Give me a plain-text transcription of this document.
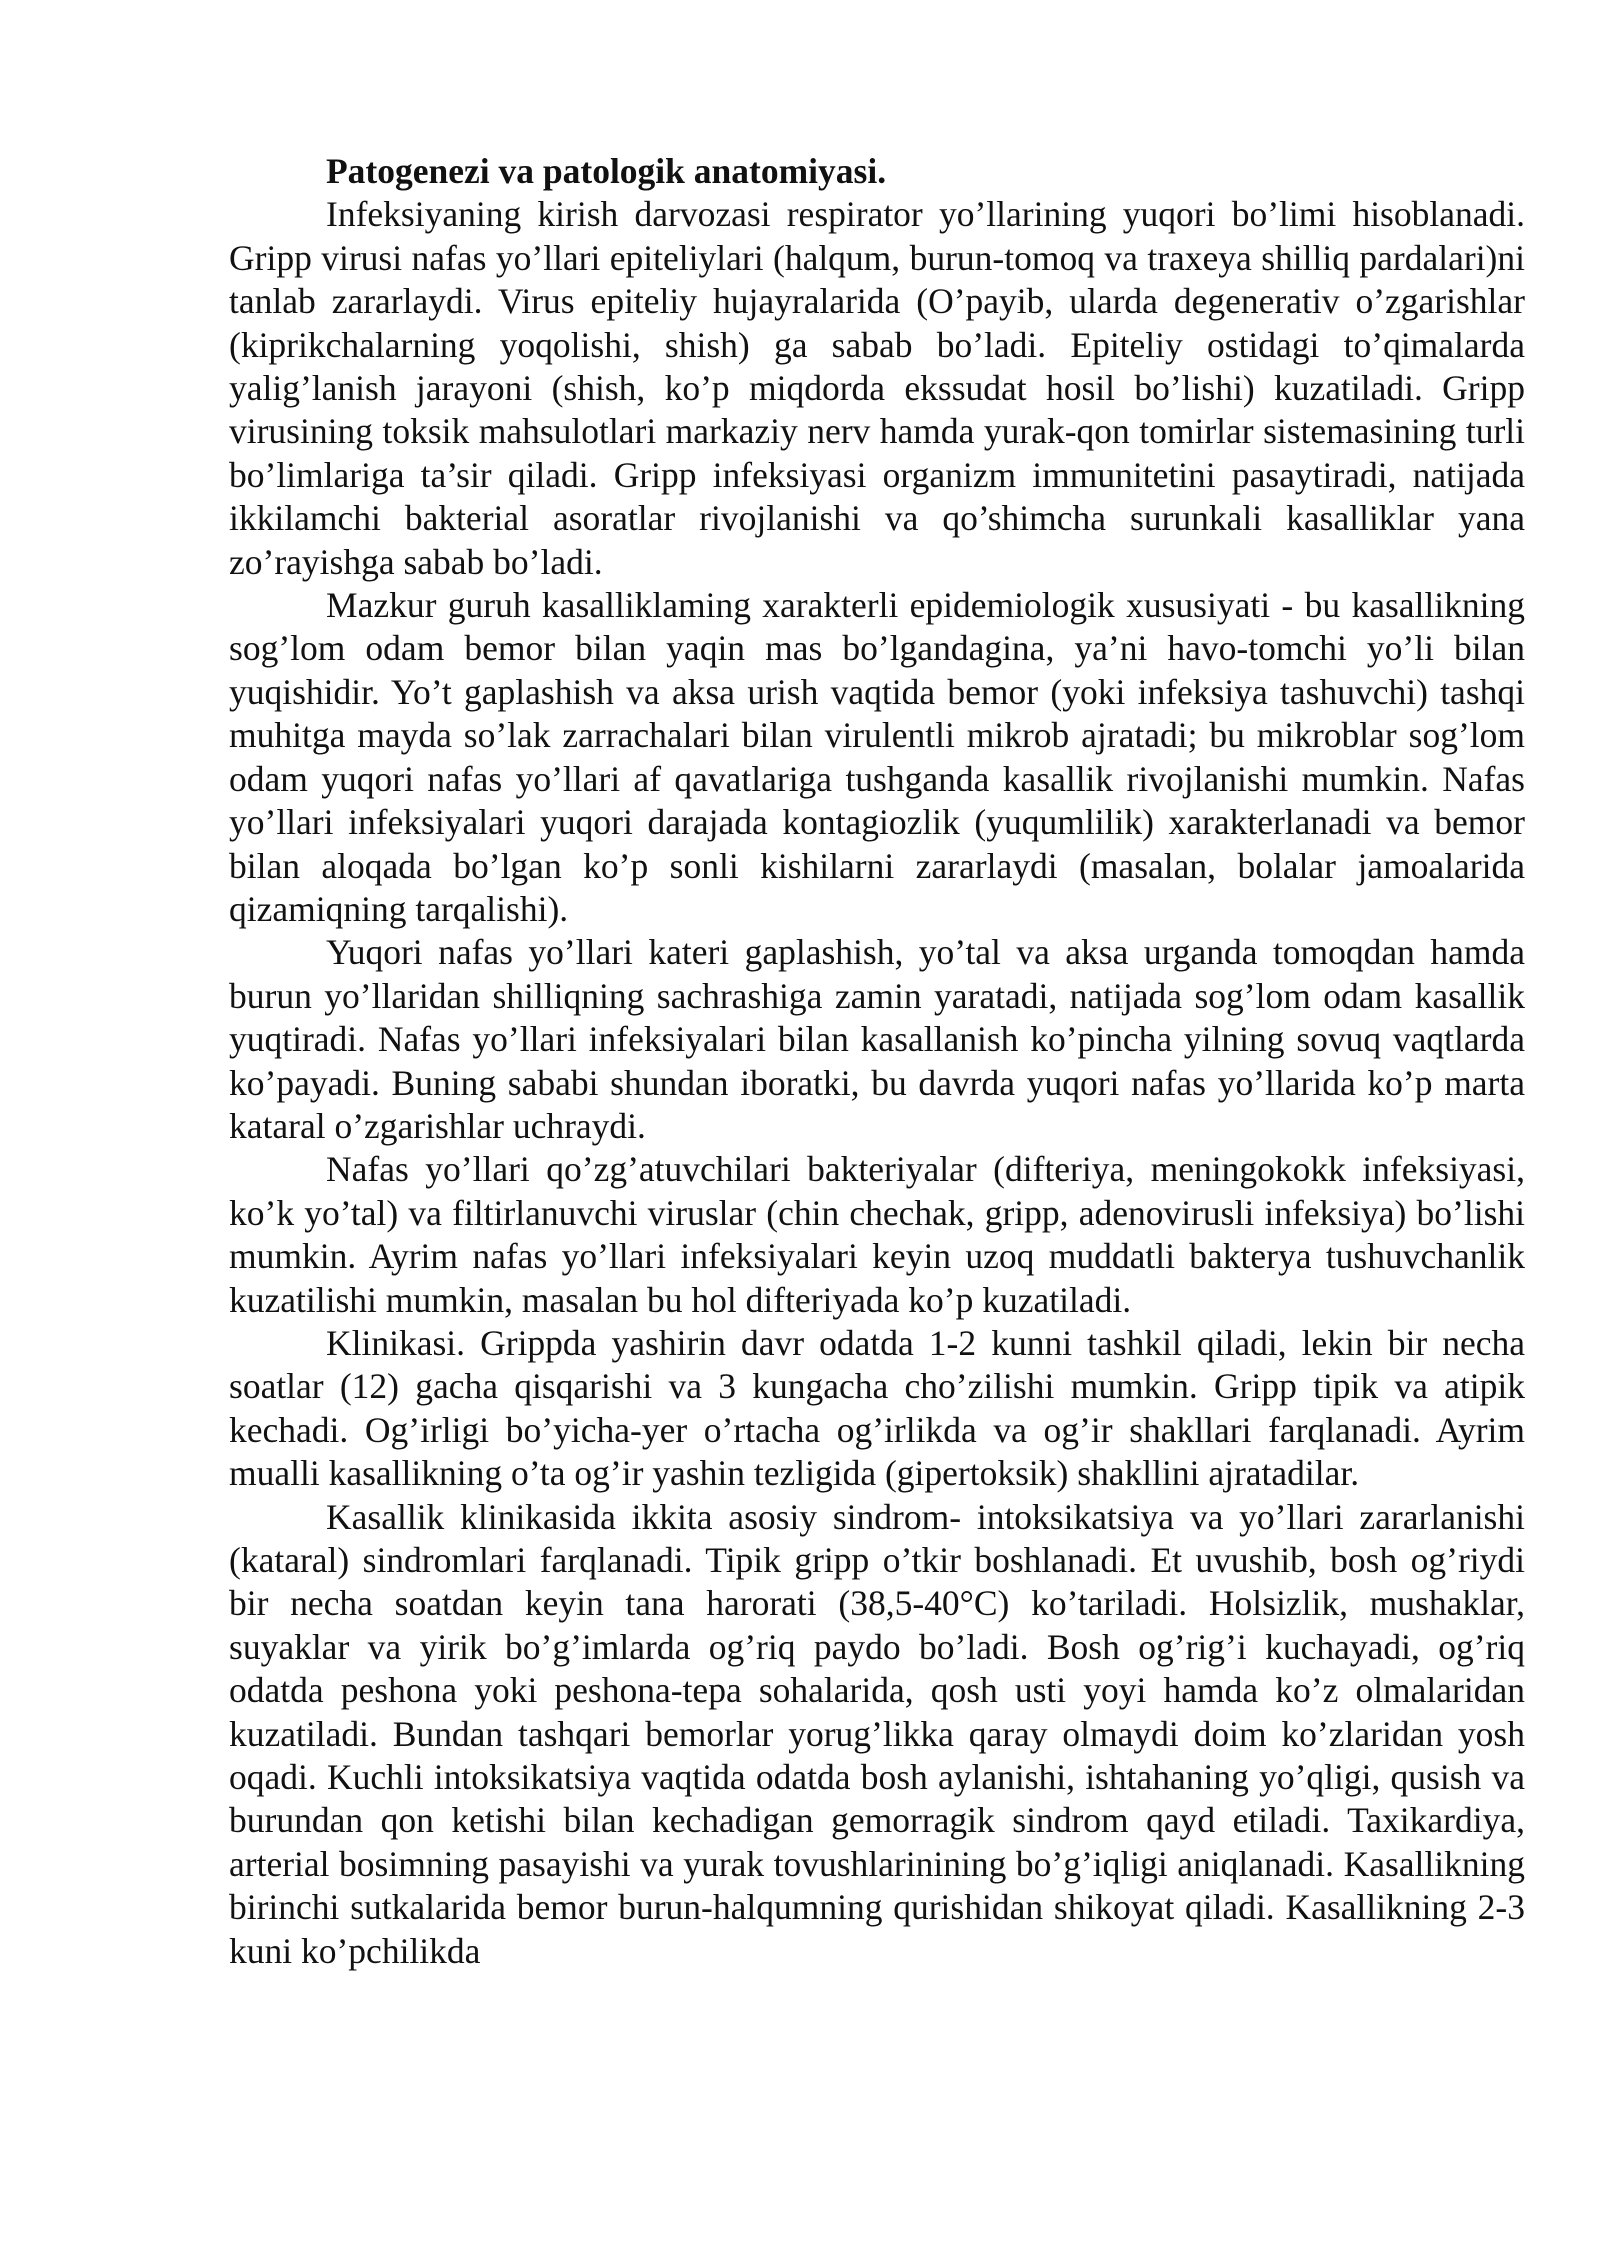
Patogenezi va patologik anatomiyasi.

Infeksiyaning kirish darvozasi respirator yo’llarining yuqori bo’limi hisoblanadi. Gripp virusi nafas yo’llari epiteliylari (halqum, burun-tomoq va traxeya shilliq pardalari)ni tanlab zararlaydi. Virus epiteliy hujayralarida (O’payib, ularda degenerativ o’zgarishlar (kiprikchalarning yoqolishi, shish) ga sabab bo’ladi. Epiteliy ostidagi to’qimalarda yalig’lanish jarayoni (shish, ko’p miqdorda ekssudat hosil bo’lishi) kuzatiladi. Gripp virusining toksik mahsulotlari markaziy nerv hamda yurak-qon tomirlar sistemasining turli bo’limlariga ta’sir qiladi. Gripp infeksiyasi organizm immunitetini pasaytiradi, natijada ikkilamchi bakterial asoratlar rivojlanishi va qo’shimcha surunkali kasalliklar yana zo’rayishga sabab bo’ladi.

Mazkur guruh kasalliklaming xarakterli epidemiologik xususiyati - bu kasallikning sog’lom odam bemor bilan yaqin mas bo’lgandagina, ya’ni havo-tomchi yo’li bilan yuqishidir. Yo’t gaplashish va aksa urish vaqtida bemor (yoki infeksiya tashuvchi) tashqi muhitga mayda so’lak zarrachalari bilan virulentli mikrob ajratadi; bu mikroblar sog’lom odam yuqori nafas yo’llari af qavatlariga tushganda kasallik rivojlanishi mumkin. Nafas yo’llari infeksiyalari yuqori darajada kontagiozlik (yuqumlilik) xarakterlanadi va bemor bilan aloqada bo’lgan ko’p sonli kishilarni zararlaydi (masalan, bolalar jamoalarida qizamiqning tarqalishi).

Yuqori nafas yo’llari kateri gaplashish, yo’tal va aksa urganda tomoqdan hamda burun yo’llaridan shilliqning sachrashiga zamin yaratadi, natijada sog’lom odam kasallik yuqtiradi. Nafas yo’llari infeksiyalari bilan kasallanish ko’pincha yilning sovuq vaqtlarda ko’payadi. Buning sababi shundan iboratki, bu davrda yuqori nafas yo’llarida ko’p marta kataral o’zgarishlar uchraydi.

Nafas yo’llari qo’zg’atuvchilari bakteriyalar (difteriya, meningokokk infeksiyasi, ko’k yo’tal) va filtirlanuvchi viruslar (chin chechak, gripp, adenovirusli infeksiya) bo’lishi mumkin. Ayrim nafas yo’llari infeksiyalari keyin uzoq muddatli bakterya tushuvchanlik kuzatilishi mumkin, masalan bu hol difteriyada ko’p kuzatiladi.

Klinikasi. Grippda yashirin davr odatda 1-2 kunni tashkil qiladi, lekin bir necha soatlar (12) gacha qisqarishi va 3 kungacha cho’zilishi mumkin. Gripp tipik va atipik kechadi. Og’irligi bo’yicha-yer o’rtacha og’irlikda va og’ir shakllari farqlanadi. Ayrim mualli kasallikning o’ta og’ir yashin tezligida (gipertoksik) shakllini ajratadilar.

Kasallik klinikasida ikkita asosiy sindrom- intoksikatsiya va yo’llari zararlanishi (kataral) sindromlari farqlanadi. Tipik gripp o’tkir boshlanadi. Et uvushib, bosh og’riydi bir necha soatdan keyin tana harorati (38,5-40°C) ko’tariladi. Holsizlik, mushaklar, suyaklar va yirik bo’g’imlarda og’riq paydo bo’ladi. Bosh og’rig’i kuchayadi, og’riq odatda peshona yoki peshona-tepa sohalarida, qosh usti yoyi hamda ko’z olmalaridan kuzatiladi. Bundan tashqari bemorlar yorug’likka qaray olmaydi doim ko’zlaridan yosh oqadi. Kuchli intoksikatsiya vaqtida odatda bosh aylanishi, ishtahaning yo’qligi, qusish va burundan qon ketishi bilan kechadigan gemorragik sindrom qayd etiladi. Taxikardiya, arterial bosimning pasayishi va yurak tovushlarinining bo’g’iqligi aniqlanadi. Kasallikning birinchi sutkalarida bemor burun-halqumning qurishidan shikoyat qiladi. Kasallikning 2-3 kuni ko’pchilikda
